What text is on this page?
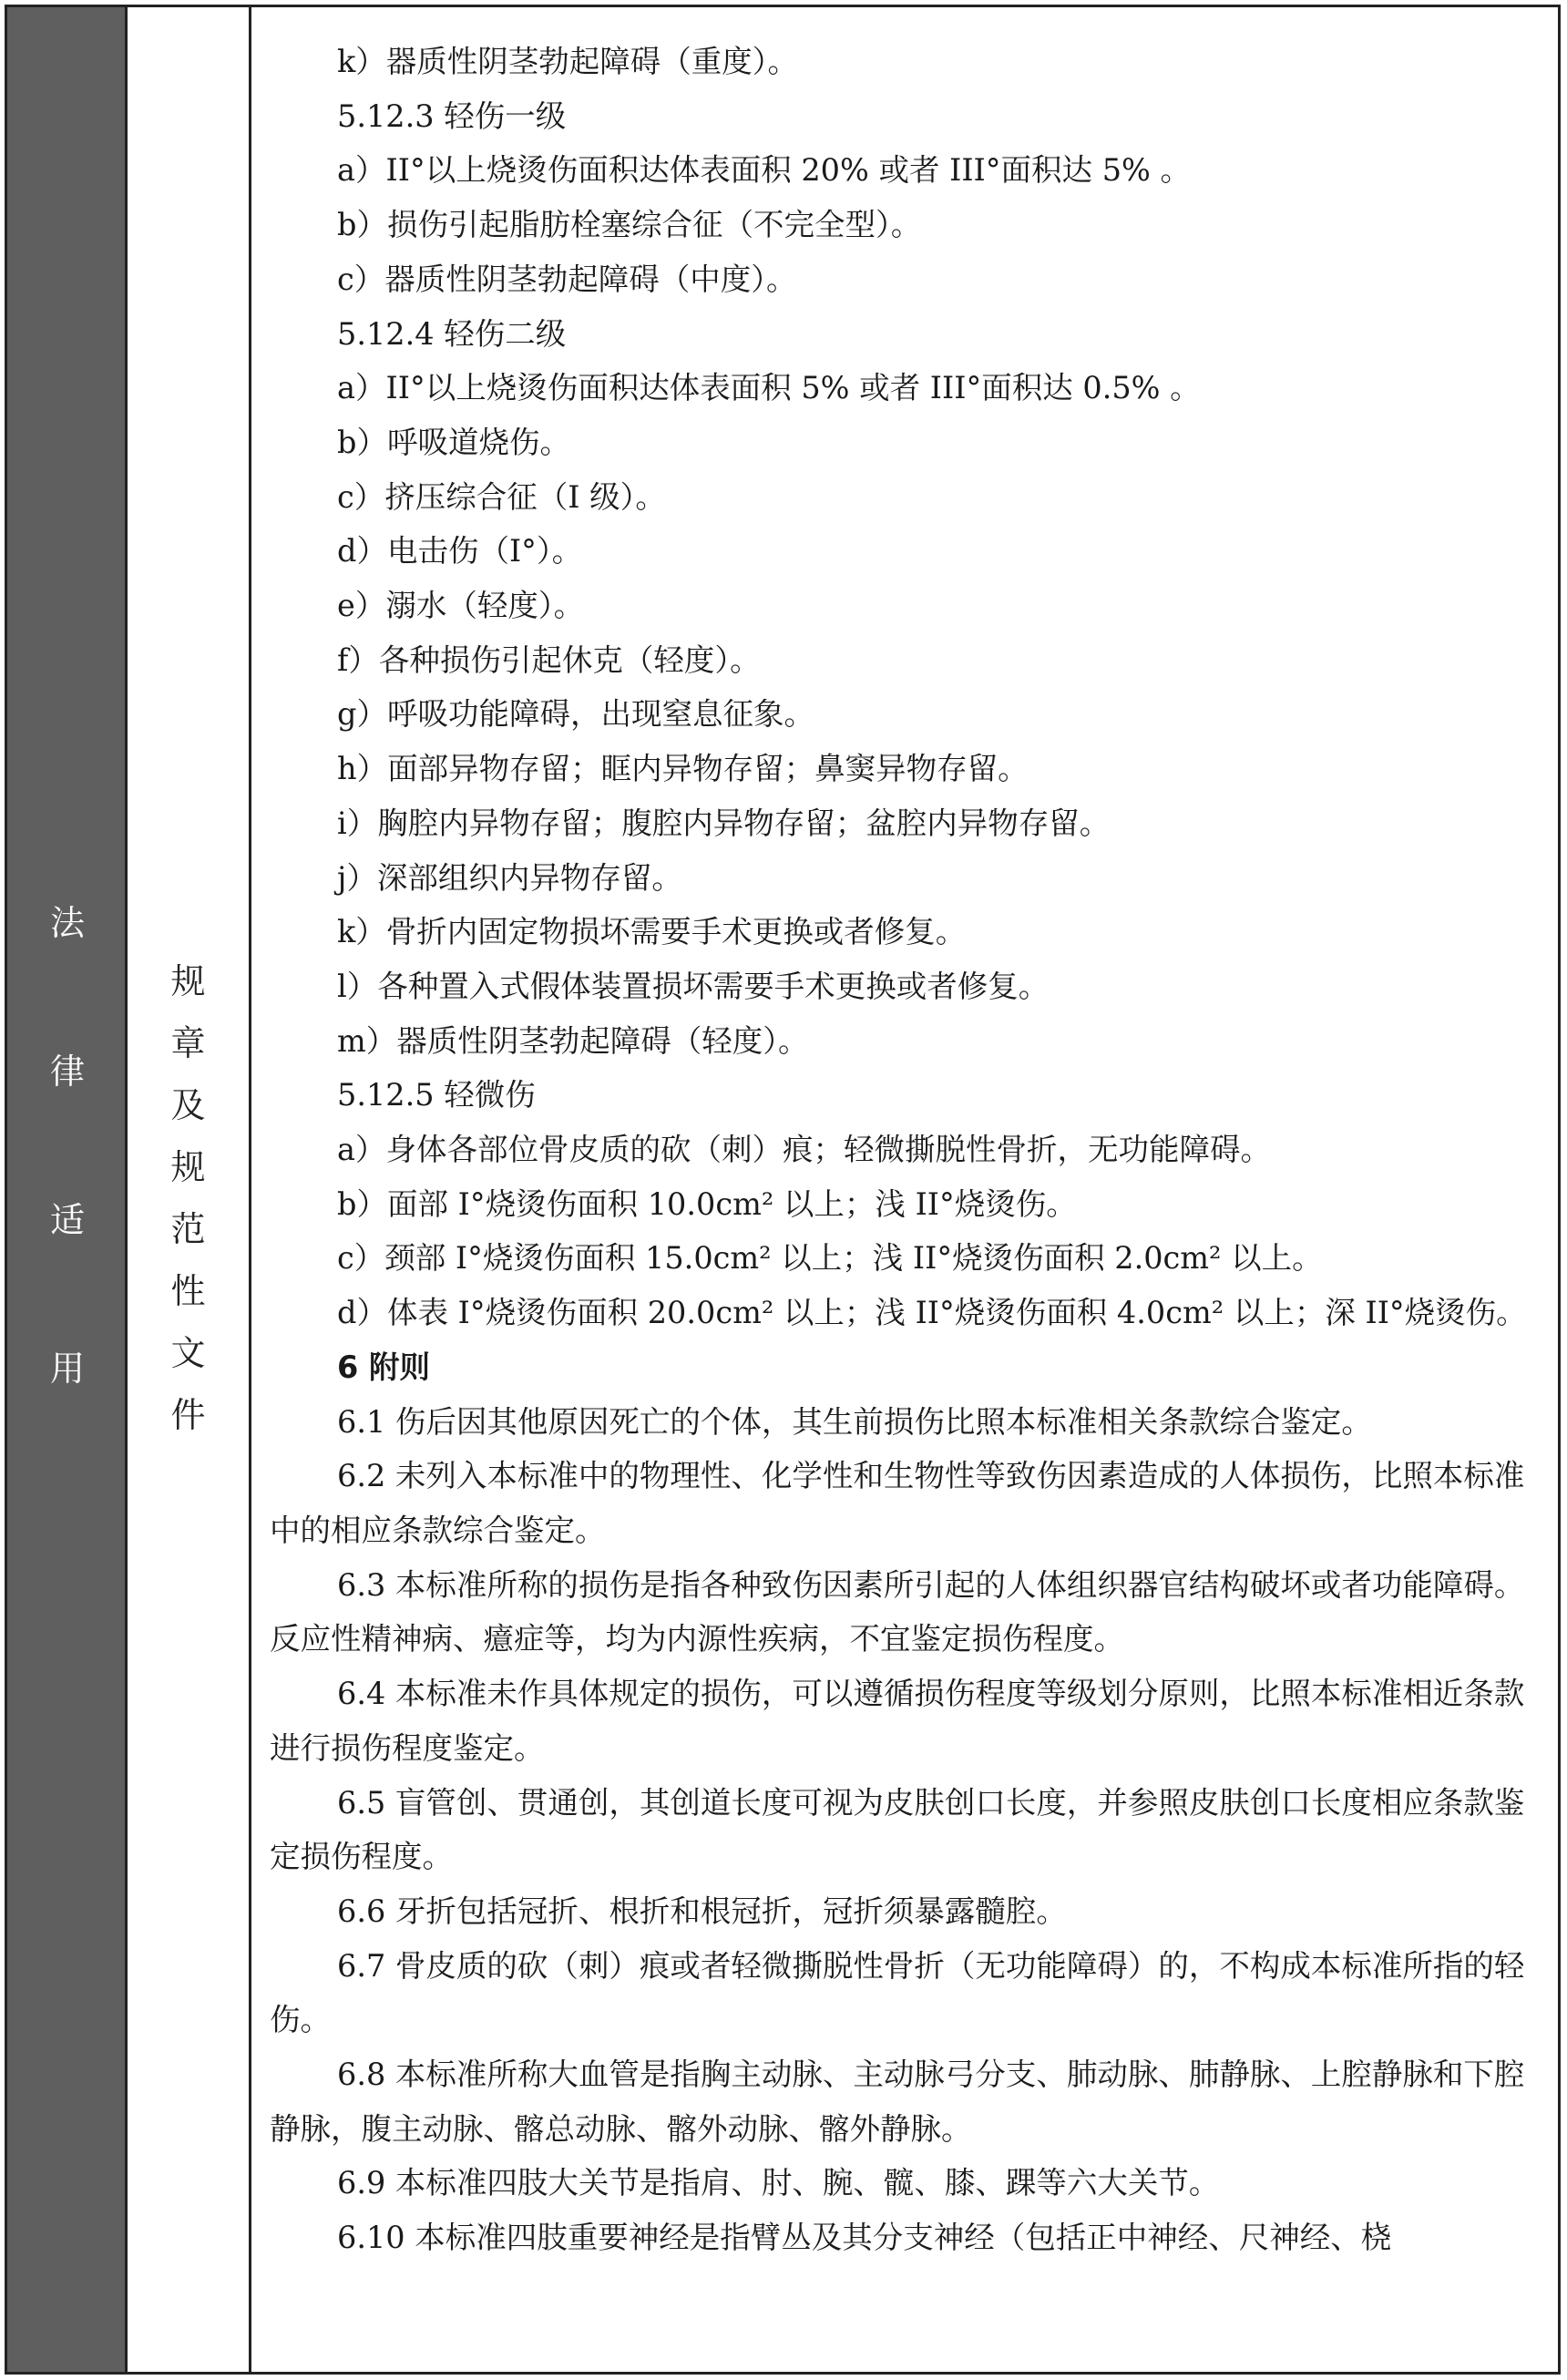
法
律
适
用
规
章
及
规
范
性
文
件

k）器质性阴茎勃起障碍（重度）。

5.12.3 轻伤一级

a）II°以上烧烫伤面积达体表面积 20% 或者 III°面积达 5% 。

b）损伤引起脂肪栓塞综合征（不完全型）。

c）器质性阴茎勃起障碍（中度）。

5.12.4 轻伤二级

a）II°以上烧烫伤面积达体表面积 5% 或者 III°面积达 0.5% 。

b）呼吸道烧伤。

c）挤压综合征（I 级）。

d）电击伤（I°）。

e）溺水（轻度）。

f）各种损伤引起休克（轻度）。

g）呼吸功能障碍，出现窒息征象。

h）面部异物存留；眶内异物存留；鼻窦异物存留。

i）胸腔内异物存留；腹腔内异物存留；盆腔内异物存留。

j）深部组织内异物存留。

k）骨折内固定物损坏需要手术更换或者修复。

l）各种置入式假体装置损坏需要手术更换或者修复。

m）器质性阴茎勃起障碍（轻度）。

5.12.5 轻微伤

a）身体各部位骨皮质的砍（刺）痕；轻微撕脱性骨折，无功能障碍。

b）面部 I°烧烫伤面积 10.0cm² 以上；浅 II°烧烫伤。

c）颈部 I°烧烫伤面积 15.0cm² 以上；浅 II°烧烫伤面积 2.0cm² 以上。

d）体表 I°烧烫伤面积 20.0cm² 以上；浅 II°烧烫伤面积 4.0cm² 以上；深 II°烧烫伤。

6 附则

6.1 伤后因其他原因死亡的个体，其生前损伤比照本标准相关条款综合鉴定。

6.2 未列入本标准中的物理性、化学性和生物性等致伤因素造成的人体损伤，比照本标准中的相应条款综合鉴定。

6.3 本标准所称的损伤是指各种致伤因素所引起的人体组织器官结构破坏或者功能障碍。反应性精神病、癔症等，均为内源性疾病，不宜鉴定损伤程度。

6.4 本标准未作具体规定的损伤，可以遵循损伤程度等级划分原则，比照本标准相近条款进行损伤程度鉴定。

6.5 盲管创、贯通创，其创道长度可视为皮肤创口长度，并参照皮肤创口长度相应条款鉴定损伤程度。

6.6 牙折包括冠折、根折和根冠折，冠折须暴露髓腔。

6.7 骨皮质的砍（刺）痕或者轻微撕脱性骨折（无功能障碍）的，不构成本标准所指的轻伤。

6.8 本标准所称大血管是指胸主动脉、主动脉弓分支、肺动脉、肺静脉、上腔静脉和下腔静脉，腹主动脉、髂总动脉、髂外动脉、髂外静脉。

6.9 本标准四肢大关节是指肩、肘、腕、髋、膝、踝等六大关节。

6.10 本标准四肢重要神经是指臂丛及其分支神经（包括正中神经、尺神经、桡
